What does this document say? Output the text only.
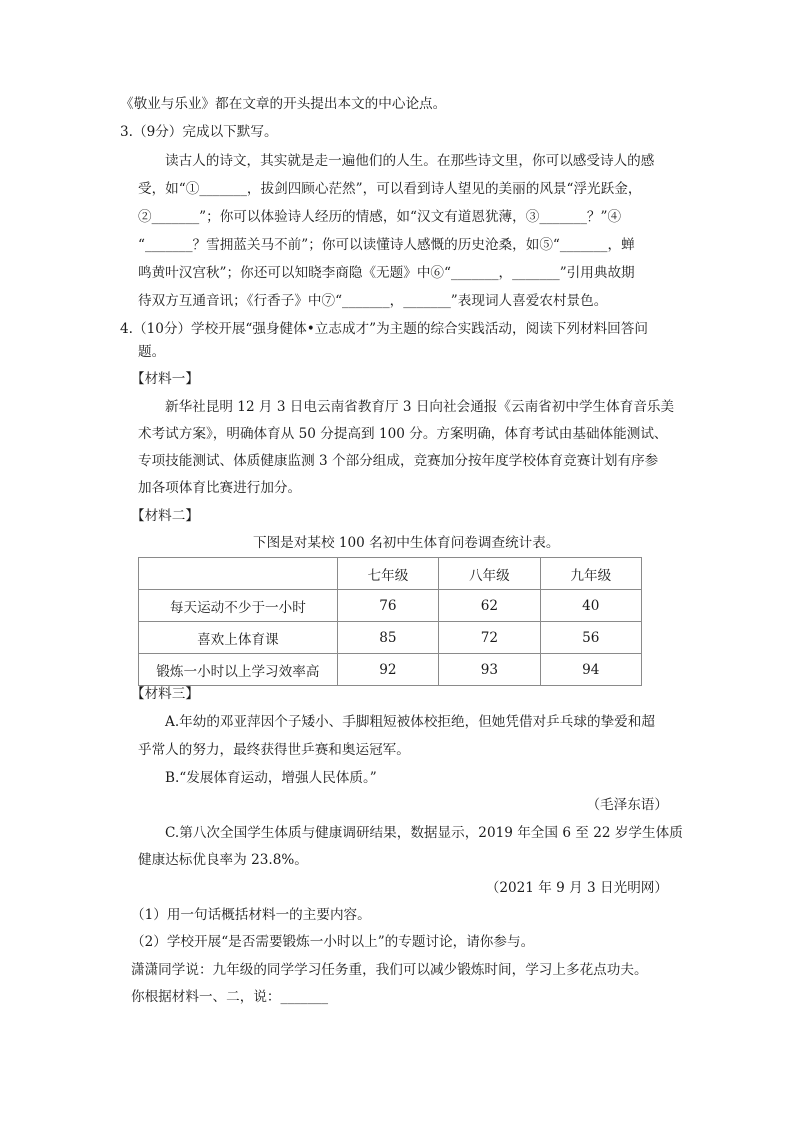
《敬业与乐业》都在文章的开头提出本文的中心论点。
3.（9分）完成以下默写。
读古人的诗文，其实就是走一遍他们的人生。在那些诗文里，你可以感受诗人的感
受，如“①_______，拔剑四顾心茫然”，可以看到诗人望见的美丽的风景“浮光跃金，
②_______”；你可以体验诗人经历的情感，如“汉文有道恩犹薄，③_______？”④
“_______？雪拥蓝关马不前”；你可以读懂诗人感慨的历史沧桑，如⑤“_______，蝉
鸣黄叶汉宫秋”；你还可以知晓李商隐《无题》中⑥“_______，_______”引用典故期
待双方互通音讯；《行香子》中⑦“_______，_______”表现词人喜爱农村景色。
4.（10分）学校开展“强身健体•立志成才”为主题的综合实践活动，阅读下列材料回答问
题。
【材料一】
新华社昆明 12 月 3 日电云南省教育厅 3 日向社会通报《云南省初中学生体育音乐美
术考试方案》，明确体育从 50 分提高到 100 分。方案明确，体育考试由基础体能测试、
专项技能测试、体质健康监测 3 个部分组成，竞赛加分按年度学校体育竞赛计划有序参
加各项体育比赛进行加分。
【材料二】
下图是对某校 100 名初中生体育问卷调查统计表。
	七年级	八年级	九年级
每天运动不少于一小时	76	62	40
喜欢上体育课	85	72	56
锻炼一小时以上学习效率高	92	93	94
【材料三】
A.年幼的邓亚萍因个子矮小、手脚粗短被体校拒绝，但她凭借对乒乓球的挚爱和超
乎常人的努力，最终获得世乒赛和奥运冠军。
B.“发展体育运动，增强人民体质。”
（毛泽东语）
C.第八次全国学生体质与健康调研结果，数据显示，2019 年全国 6 至 22 岁学生体质
健康达标优良率为 23.8%。
（2021 年 9 月 3 日光明网）
（1）用一句话概括材料一的主要内容。
（2）学校开展“是否需要锻炼一小时以上”的专题讨论，请你参与。
潇潇同学说：九年级的同学学习任务重，我们可以减少锻炼时间，学习上多花点功夫。
你根据材料一、二，说：_______
